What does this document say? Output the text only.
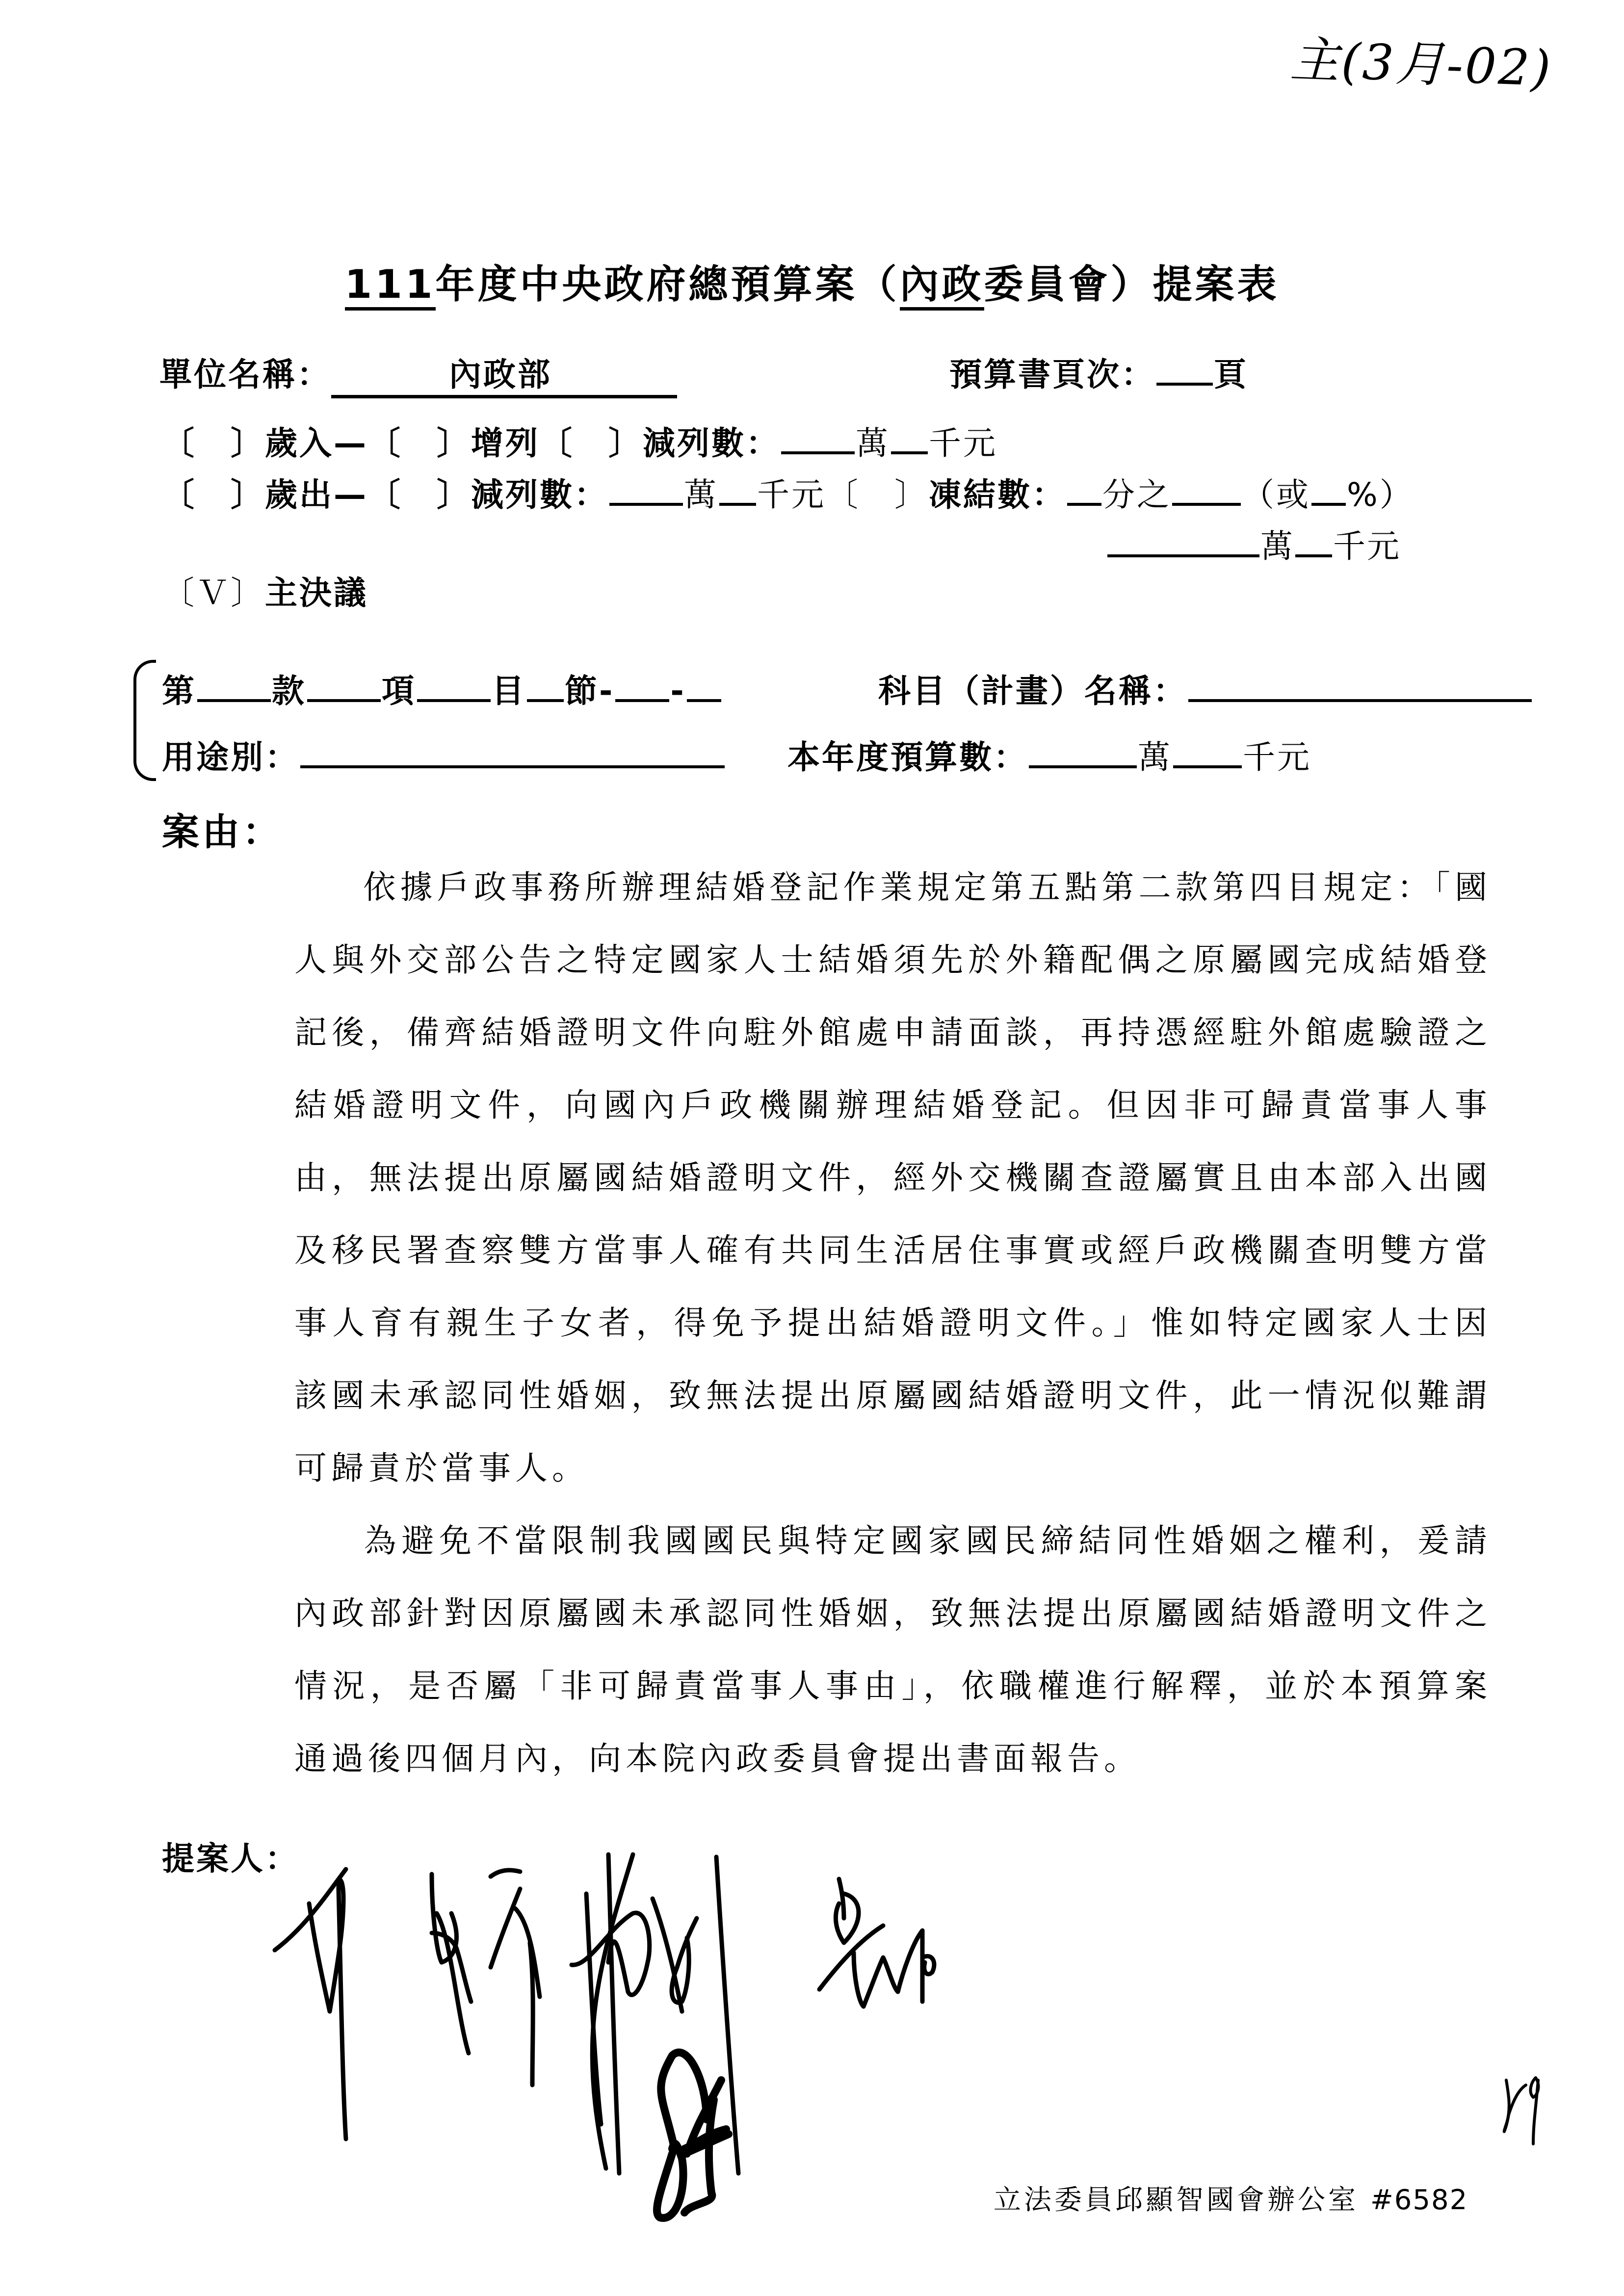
主(3月-02)
111年度中央政府總預算案（內政委員會）提案表
單位名稱：	內政部	預算書頁次： 頁
〔　〕歲入—〔　〕增列〔　〕減列數： 萬 千元
〔　〕歲出—〔　〕減列數： 萬 千元〔　〕凍結數： 分之 （或 %）
萬 千元
〔Ｖ〕主決議
第 款 項 目 節- -	科目（計畫）名稱：
用途別：	本年度預算數：	萬 千元
案由：
依據戶政事務所辦理結婚登記作業規定第五點第二款第四目規定：「國人與外交部公告之特定國家人士結婚須先於外籍配偶之原屬國完成結婚登記後，備齊結婚證明文件向駐外館處申請面談，再持憑經駐外館處驗證之結婚證明文件，向國內戶政機關辦理結婚登記。但因非可歸責當事人事由，無法提出原屬國結婚證明文件，經外交機關查證屬實且由本部入出國及移民署查察雙方當事人確有共同生活居住事實或經戶政機關查明雙方當事人育有親生子女者，得免予提出結婚證明文件。」惟如特定國家人士因該國未承認同性婚姻，致無法提出原屬國結婚證明文件，此一情況似難謂可歸責於當事人。
為避免不當限制我國國民與特定國家國民締結同性婚姻之權利，爰請內政部針對因原屬國未承認同性婚姻，致無法提出原屬國結婚證明文件之情況，是否屬「非可歸責當事人事由」，依職權進行解釋，並於本預算案通過後四個月內，向本院內政委員會提出書面報告。
提案人：
立法委員邱顯智國會辦公室 #6582
